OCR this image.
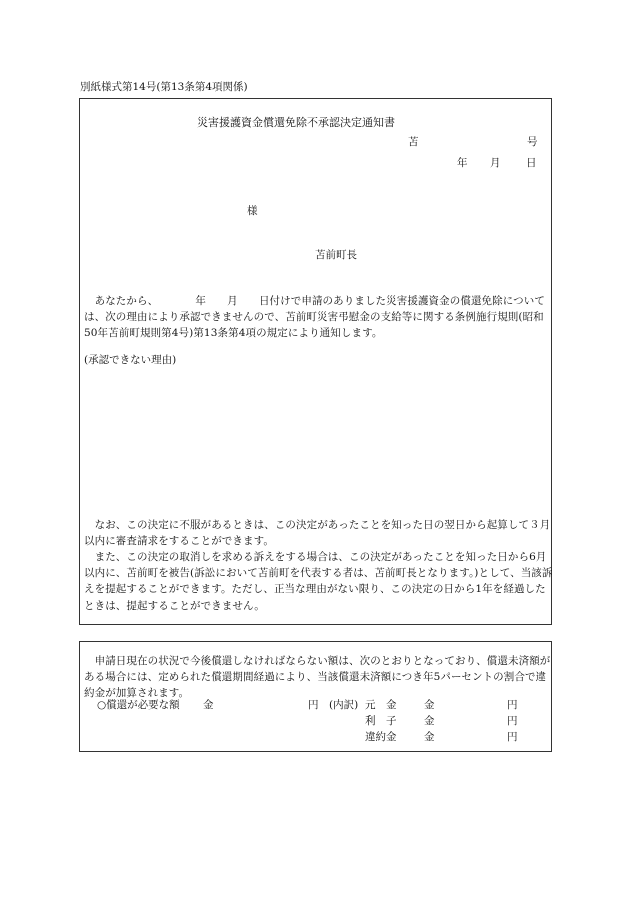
別紙様式第14号(第13条第4項関係)
災害援護資金償還免除不承認決定通知書
苫	号
年 月 日
様
苫前町長
　あなたから、　　　　年　　月　　日付けで申請のありました災害援護資金の償還免除については、次の理由により承認できませんので、苫前町災害弔慰金の支給等に関する条例施行規則(昭和50年苫前町規則第4号)第13条第4項の規定により通知します。
(承認できない理由)
　なお、この決定に不服があるときは、この決定があったことを知った日の翌日から起算して３月以内に審査請求をすることができます。
　また、この決定の取消しを求める訴えをする場合は、この決定があったことを知った日から6月以内に、苫前町を被告(訴訟において苫前町を代表する者は、苫前町長となります。)として、当該訴えを提起することができます。ただし、正当な理由がない限り、この決定の日から1年を経過したときは、提起することができません。
　申請日現在の状況で今後償還しなければならない額は、次のとおりとなっており、償還未済額がある場合には、定められた償還期間経過により、当該償還未済額につき年5パーセントの割合で違約金が加算されます。
○償還が必要な額 金	円 (内訳) 元　金	金	円
利　子	金	円
違約金	金	円
